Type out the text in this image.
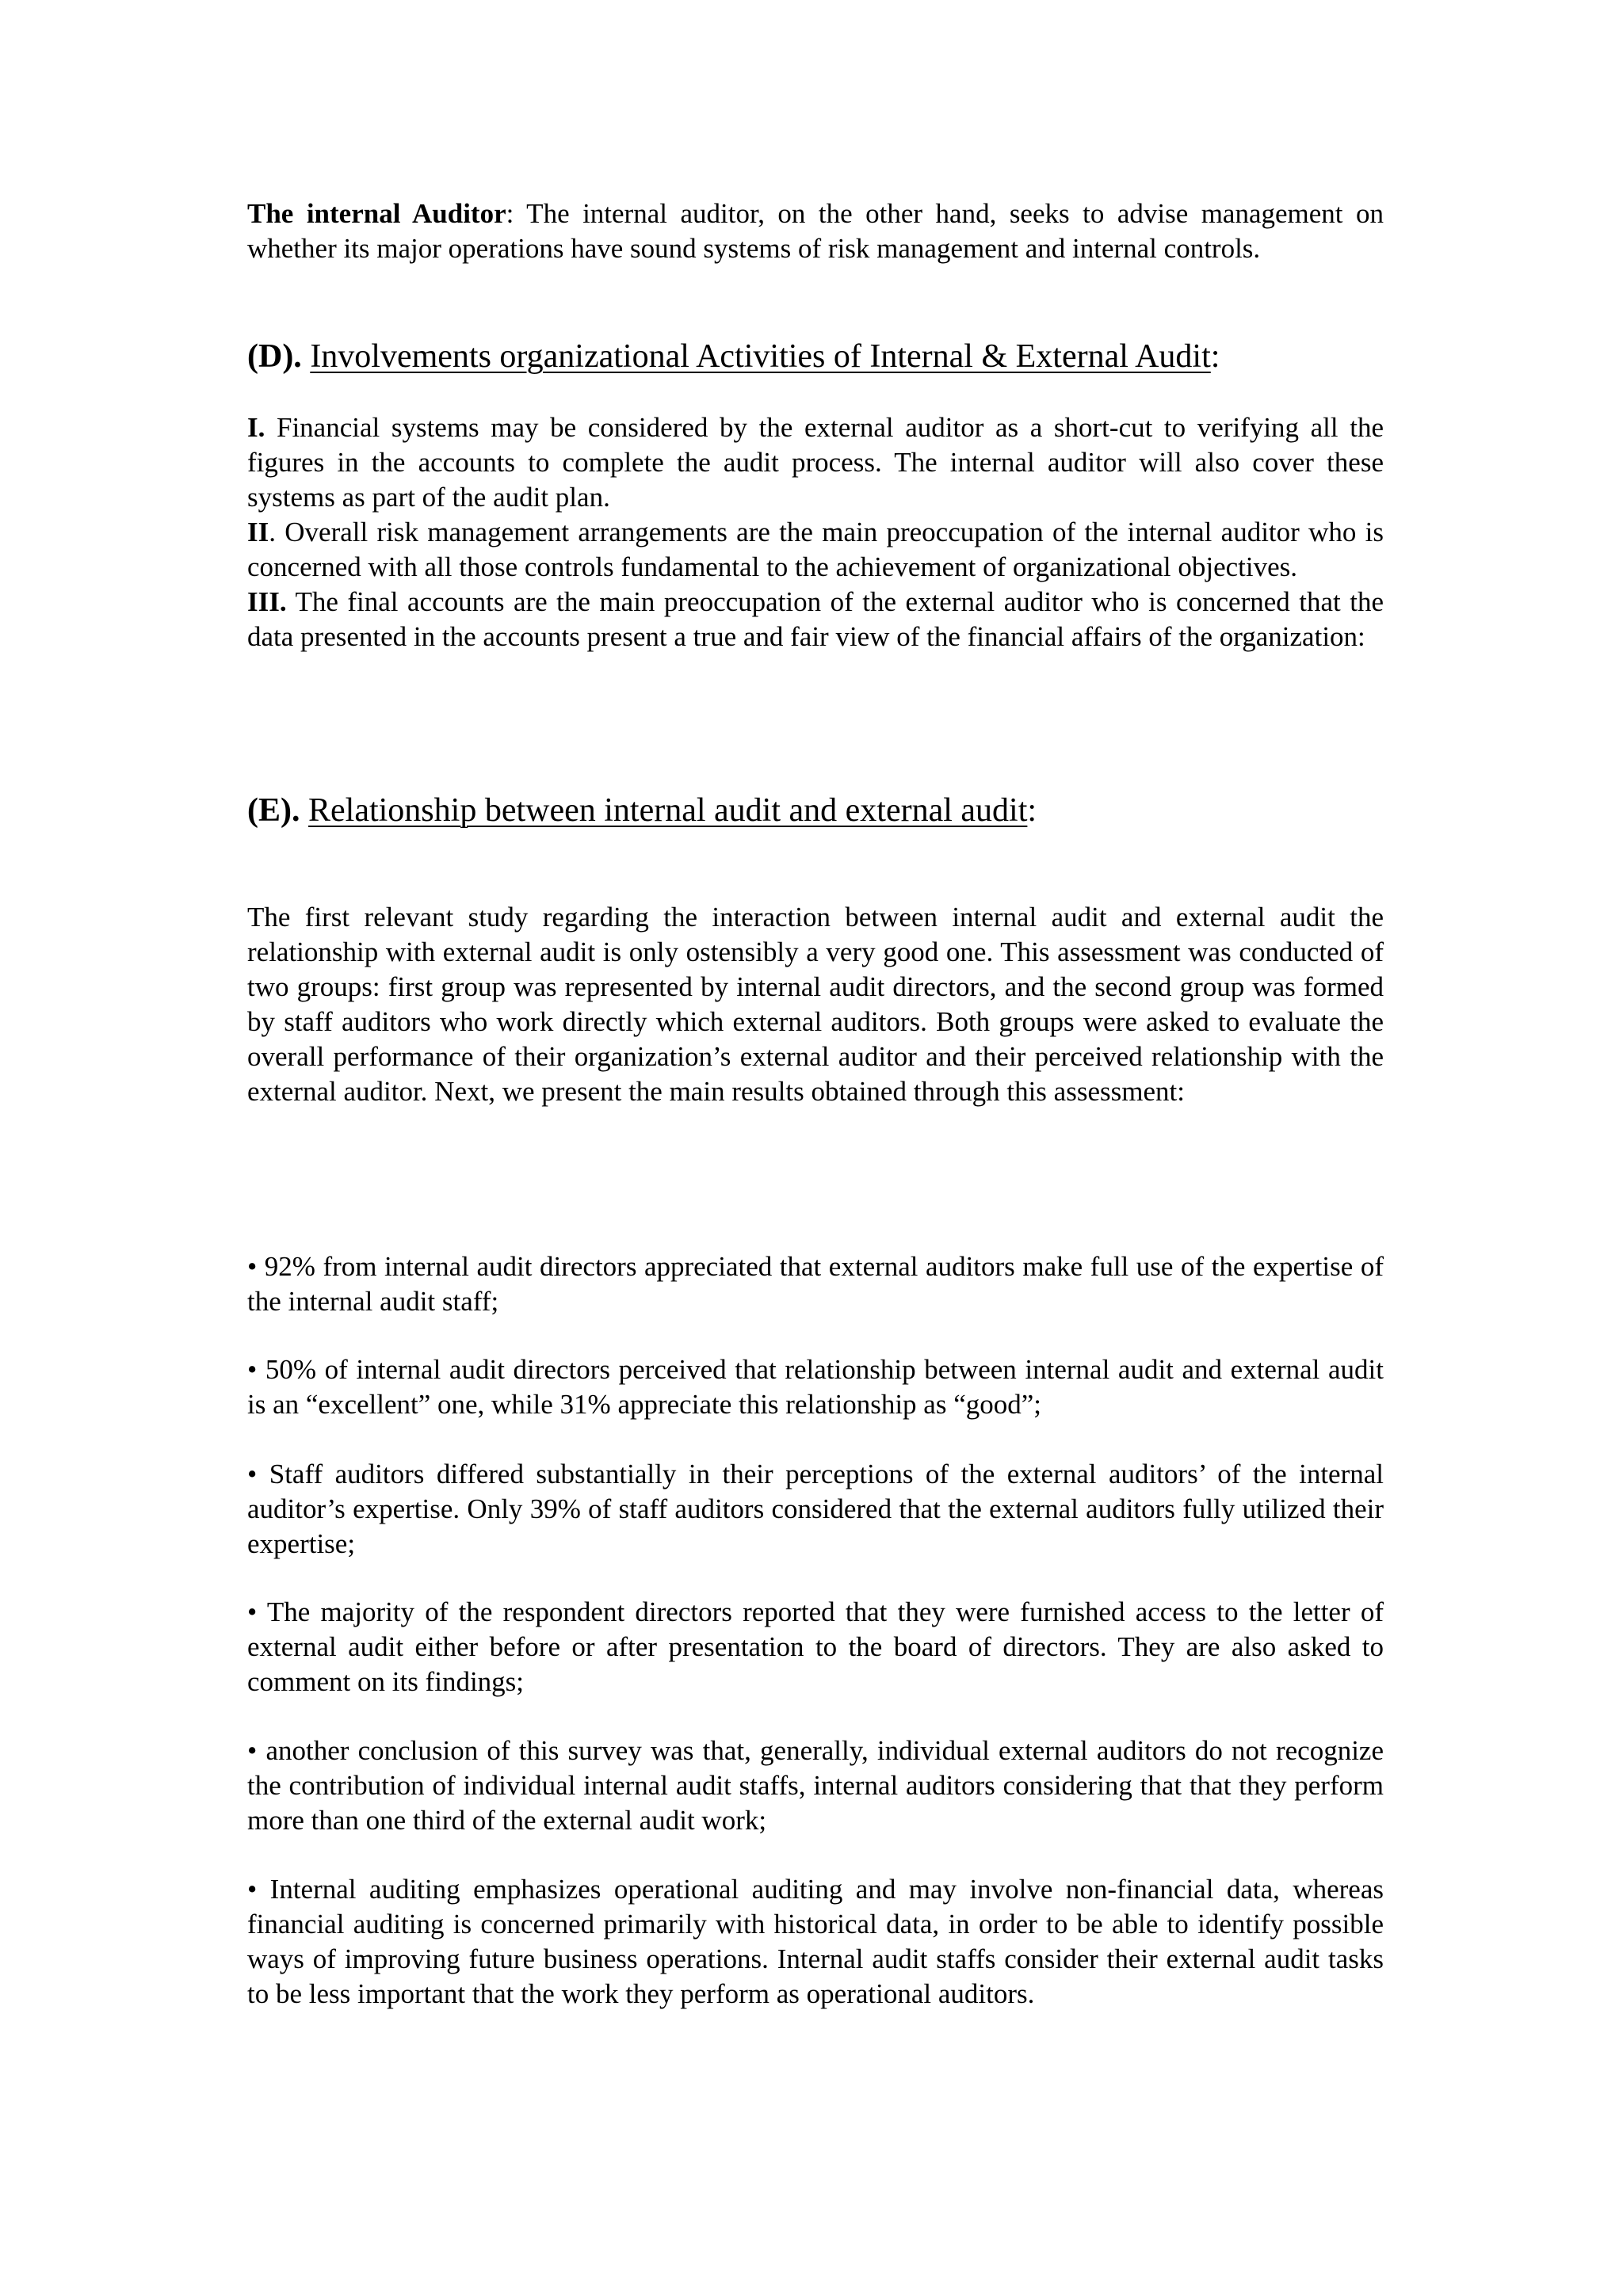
The internal Auditor: The internal auditor, on the other hand, seeks to advise management on whether its major operations have sound systems of risk management and internal controls.

(D). Involvements organizational Activities of Internal & External Audit:

I. Financial systems may be considered by the external auditor as a short-cut to verifying all the figures in the accounts to complete the audit process. The internal auditor will also cover these systems as part of the audit plan.

II. Overall risk management arrangements are the main preoccupation of the internal auditor who is concerned with all those controls fundamental to the achievement of organizational objectives.

III. The final accounts are the main preoccupation of the external auditor who is concerned that the data presented in the accounts present a true and fair view of the financial affairs of the organization:

(E). Relationship between internal audit and external audit:

The first relevant study regarding the interaction between internal audit and external audit the relationship with external audit is only ostensibly a very good one. This assessment was conducted of two groups: first group was represented by internal audit directors, and the second group was formed by staff auditors who work directly which external auditors. Both groups were asked to evaluate the overall performance of their organization’s external auditor and their perceived relationship with the external auditor. Next, we present the main results obtained through this assessment:

• 92% from internal audit directors appreciated that external auditors make full use of the expertise of the internal audit staff;

• 50% of internal audit directors perceived that relationship between internal audit and external audit is an “excellent” one, while 31% appreciate this relationship as “good”;

• Staff auditors differed substantially in their perceptions of the external auditors’ of the internal auditor’s expertise. Only 39% of staff auditors considered that the external auditors fully utilized their expertise;

• The majority of the respondent directors reported that they were furnished access to the letter of external audit either before or after presentation to the board of directors. They are also asked to comment on its findings;

• another conclusion of this survey was that, generally, individual external auditors do not recognize the contribution of individual internal audit staffs, internal auditors considering that that they perform more than one third of the external audit work;

• Internal auditing emphasizes operational auditing and may involve non-financial data, whereas financial auditing is concerned primarily with historical data, in order to be able to identify possible ways of improving future business operations. Internal audit staffs consider their external audit tasks to be less important that the work they perform as operational auditors.
